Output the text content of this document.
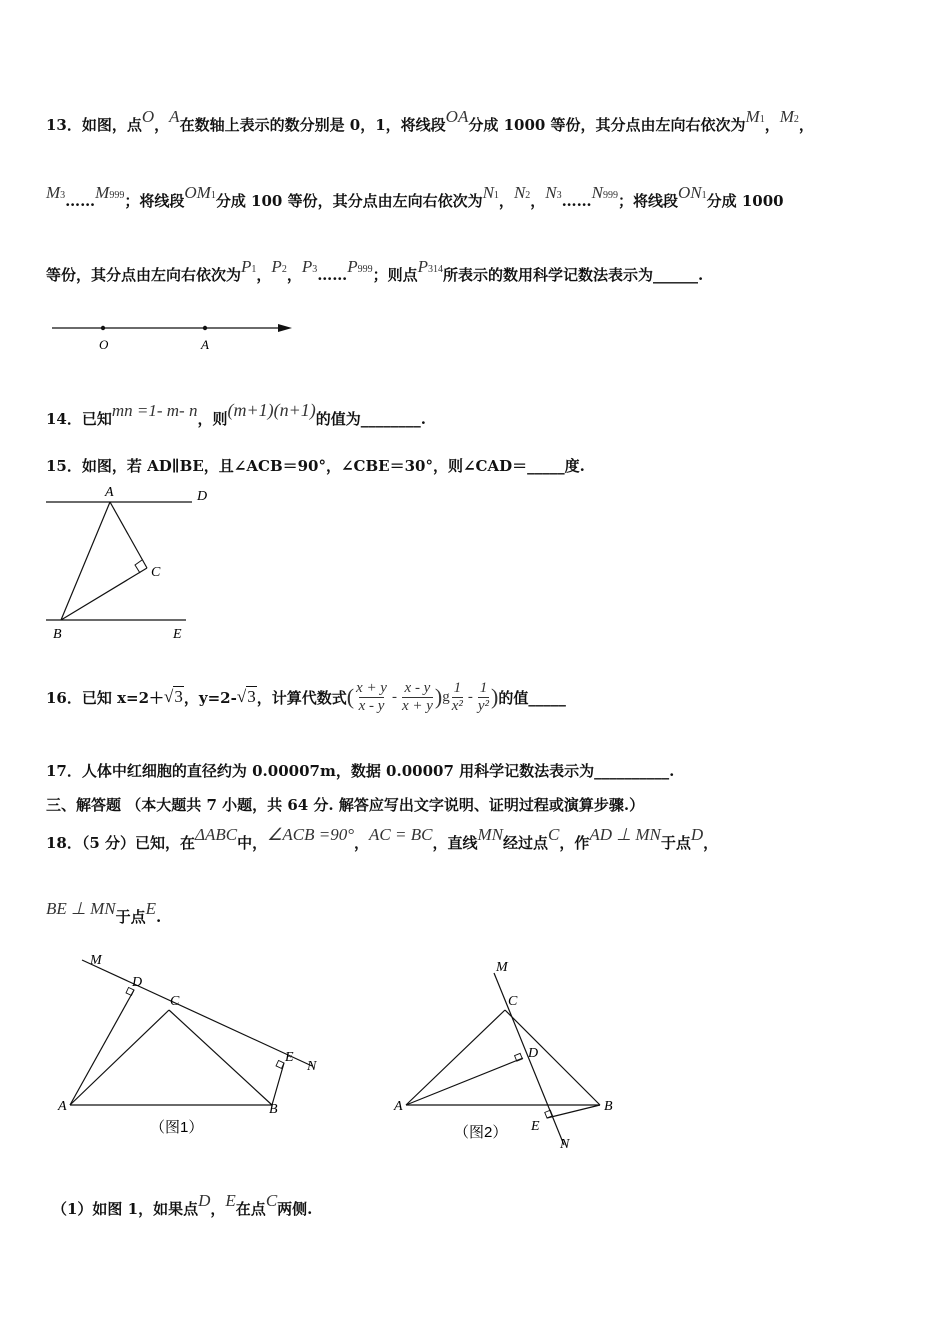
13．如图，点O，A在数轴上表示的数分别是 0，1，将线段OA分成 1000 等份，其分点由左向右依次为M1，M2，
M3……M999；将线段OM1分成 100 等份，其分点由左向右依次为N1，N2，N3……N999；将线段ON1分成 1000
等份，其分点由左向右依次为P1，P2，P3……P999；则点P314所表示的数用科学记数法表示为______.
O	A
14．已知mn =1- m- n，则(m+1)(n+1)的值为________.
15．如图，若 AD∥BE，且∠ACB＝90°，∠CBE＝30°，则∠CAD＝_____度.
A	D
C
B	E
16．已知 x=2＋ √3 ，y=2- √3 ，计算代数式 ( x + y
x - y
-
x - y
x + y ) g
1
x²
-
1
y² ) 的值_____
17．人体中红细胞的直径约为 0.00007m，数据 0.00007 用科学记数法表示为__________.
三、解答题 （本大题共 7 小题，共 64 分. 解答应写出文字说明、证明过程或演算步骤.）
18．（5 分）已知，在ΔABC中，∠ACB =90°，AC = BC，直线MN经过点C，作AD ⊥ MN于点D，
BE ⊥ MN于点E.
M
D
C
E
N
A	B
（图1）
M
C
D
A	B
E
N
（图2）
（1）如图 1，如果点D，E在点C两侧.
